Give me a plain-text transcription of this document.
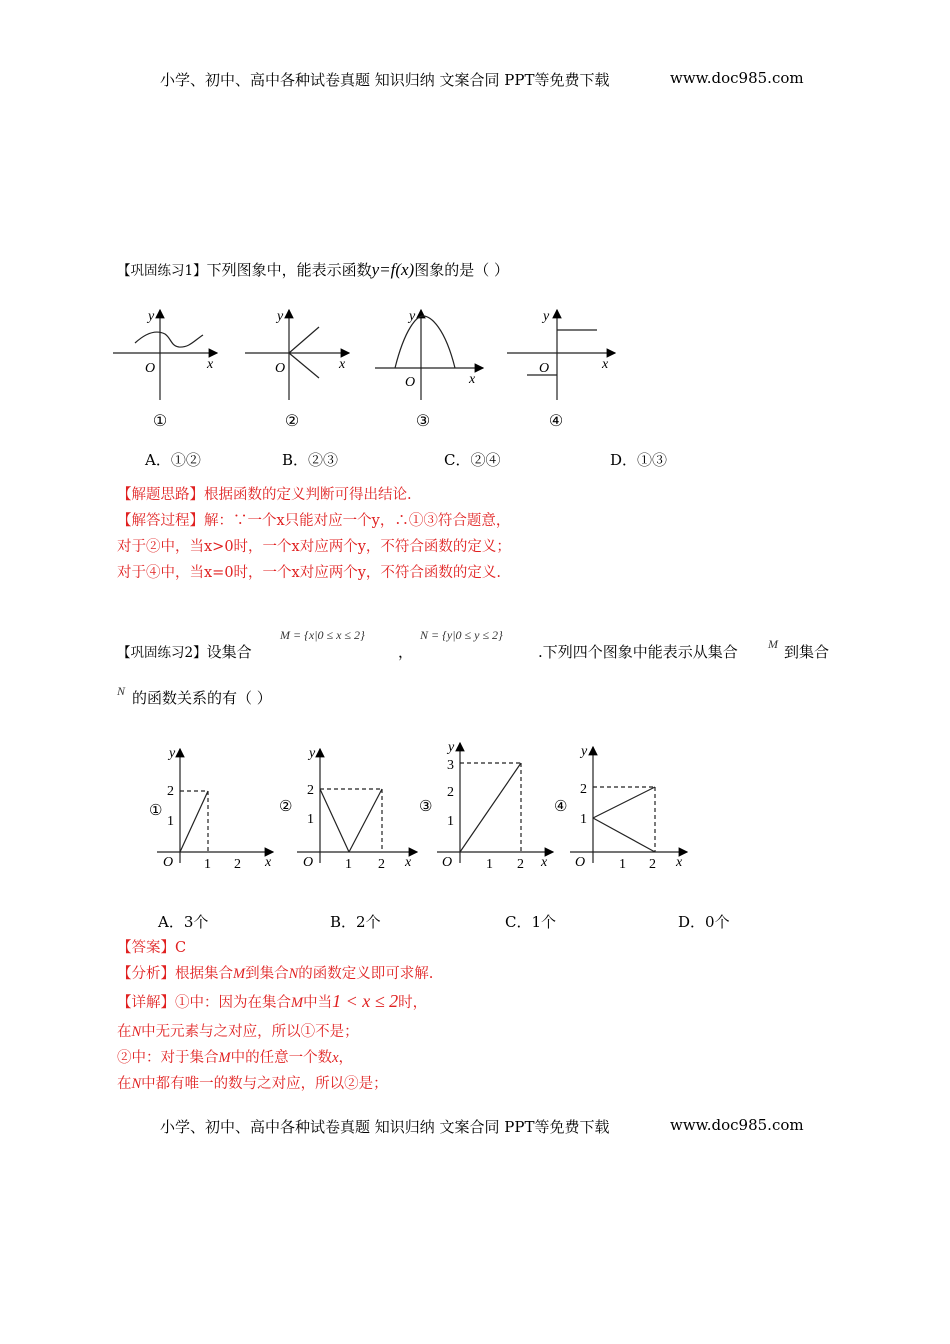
小学、初中、高中各种试卷真题 知识归纳 文案合同 PPT等免费下载	www.doc985.com
【巩固练习1】下列图象中，能表示函数y=f(x)图象的是（ ）
y
x
O
y
x
O
y
x
O
y
x
O
①	②	③	④
A．①②	B．②③	C．②④	D．①③
【解题思路】根据函数的定义判断可得出结论.
【解答过程】解：∵一个x只能对应一个y，∴①③符合题意，
对于②中，当x>0时，一个x对应两个y，不符合函数的定义；
对于④中，当x=0时，一个x对应两个y，不符合函数的定义.
【巩固练习2】设集合
M = {x|0 ≤ x ≤ 2}
，
N = {y|0 ≤ y ≤ 2}
.下列四个图象中能表示从集合	M 到集合
N 的函数关系的有（ ）
①
y
x
O
2
1
1 2
②
y
x
O
2
1
1 2
③
y
x
O
3
2
1
1 2
④
y
x
O
2
1
1 2
A．3个	B．2个	C．1个	D．0个
【答案】C
【分析】根据集合M到集合N的函数定义即可求解.
【详解】①中：因为在集合M中当1 < x ≤ 2时，
在N中无元素与之对应，所以①不是；
②中：对于集合M中的任意一个数x，
在N中都有唯一的数与之对应，所以②是；
小学、初中、高中各种试卷真题 知识归纳 文案合同 PPT等免费下载	www.doc985.com
